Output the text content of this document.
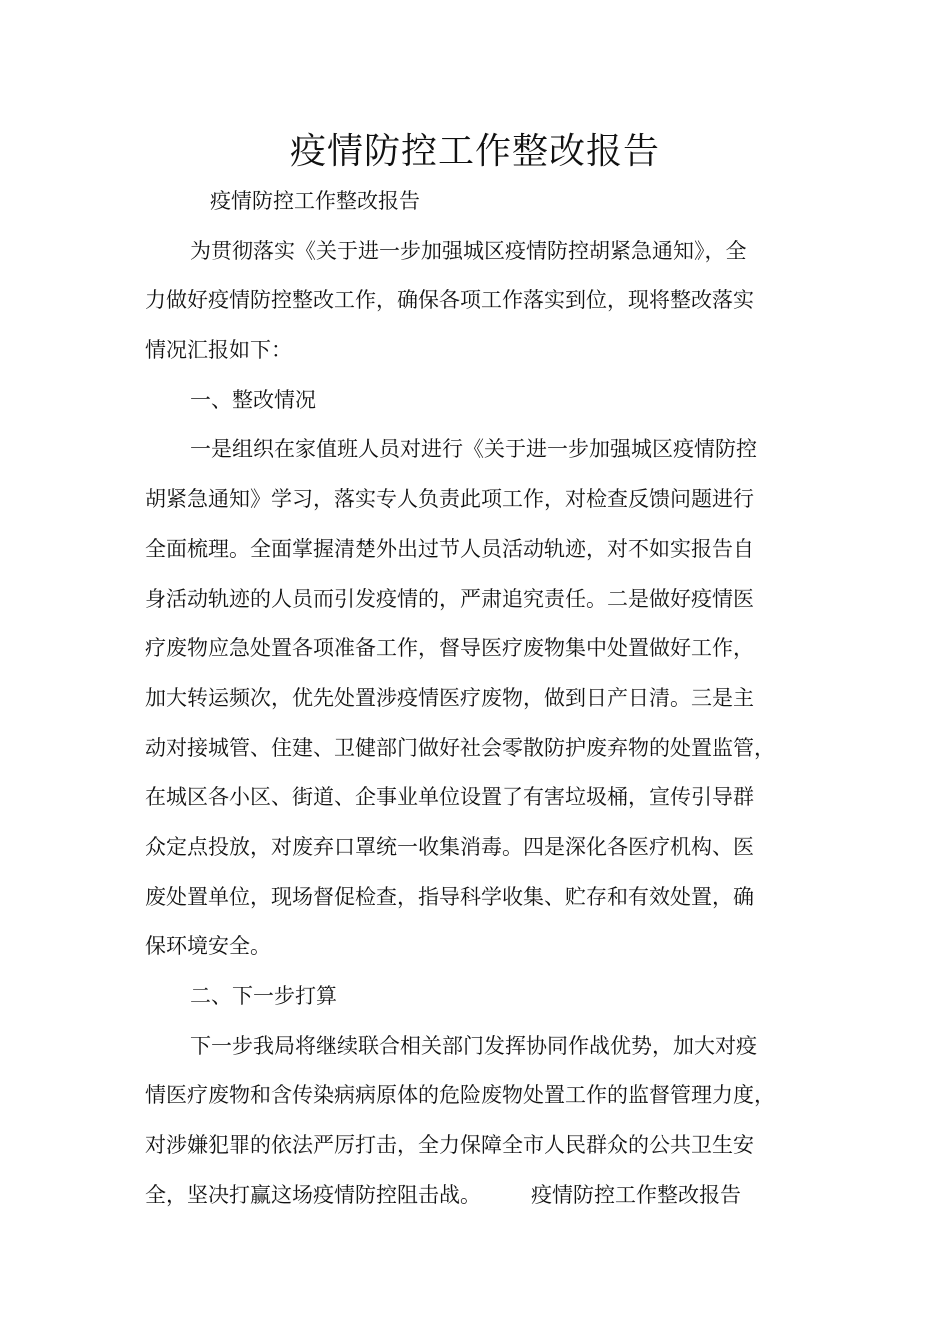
疫情防控工作整改报告

疫情防控工作整改报告

为贯彻落实《关于进一步加强城区疫情防控胡紧急通知》，全

力做好疫情防控整改工作，确保各项工作落实到位，现将整改落实

情况汇报如下：

一、整改情况

一是组织在家值班人员对进行《关于进一步加强城区疫情防控

胡紧急通知》学习，落实专人负责此项工作，对检查反馈问题进行

全面梳理。全面掌握清楚外出过节人员活动轨迹，对不如实报告自

身活动轨迹的人员而引发疫情的，严肃追究责任。二是做好疫情医

疗废物应急处置各项准备工作，督导医疗废物集中处置做好工作，

加大转运频次，优先处置涉疫情医疗废物，做到日产日清。三是主

动对接城管、住建、卫健部门做好社会零散防护废弃物的处置监管，

在城区各小区、街道、企事业单位设置了有害垃圾桶，宣传引导群

众定点投放，对废弃口罩统一收集消毒。四是深化各医疗机构、医

废处置单位，现场督促检查，指导科学收集、贮存和有效处置，确

保环境安全。

二、下一步打算

下一步我局将继续联合相关部门发挥协同作战优势，加大对疫

情医疗废物和含传染病病原体的危险废物处置工作的监督管理力度，

对涉嫌犯罪的依法严厉打击，全力保障全市人民群众的公共卫生安

全，坚决打赢这场疫情防控阻击战。 疫情防控工作整改报告
